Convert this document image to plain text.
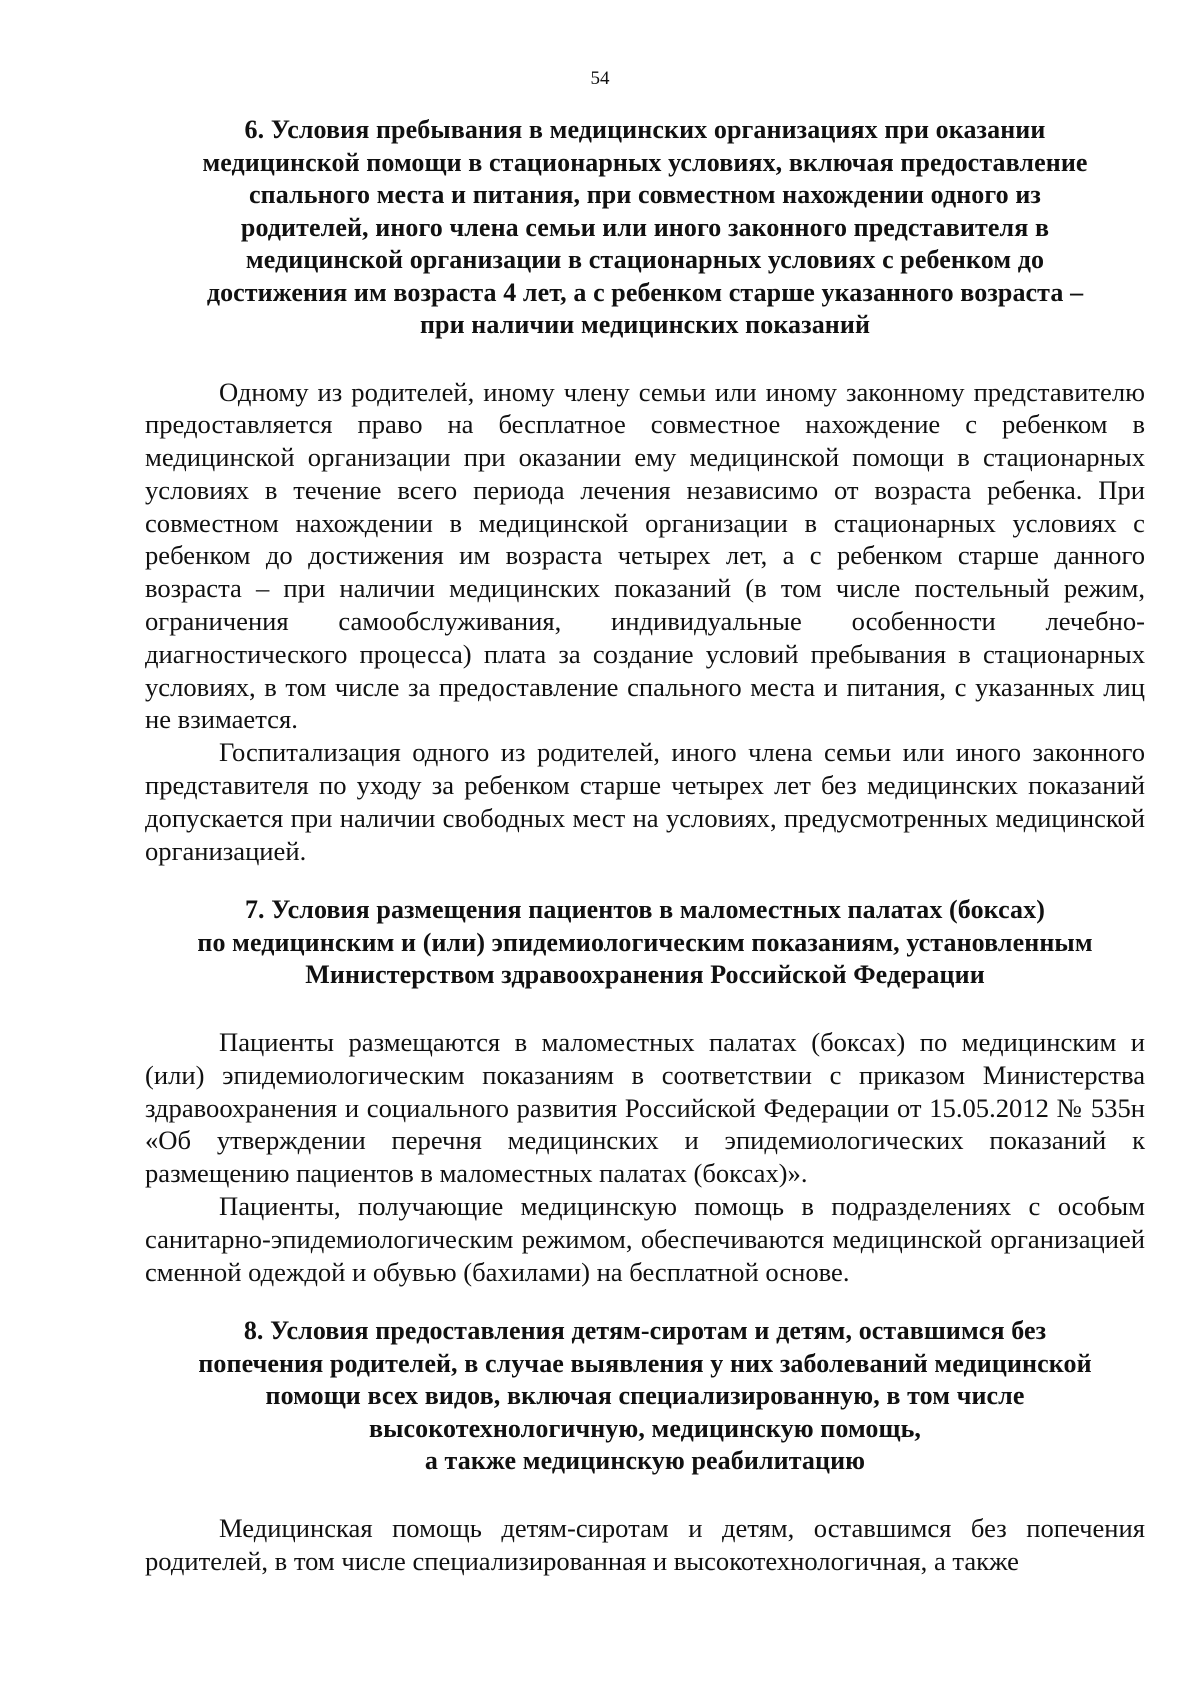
54
6. Условия пребывания в медицинских организациях при оказании
медицинской помощи в стационарных условиях, включая предоставление
спального места и питания, при совместном нахождении одного из
родителей, иного члена семьи или иного законного представителя в
медицинской организации в стационарных условиях с ребенком до
достижения им возраста 4 лет, а с ребенком старше указанного возраста –
при наличии медицинских показаний

Одному из родителей, иному члену семьи или иному законному представителю предоставляется право на бесплатное совместное нахождение с ребенком в медицинской организации при оказании ему медицинской помощи в стационарных условиях в течение всего периода лечения независимо от возраста ребенка. При совместном нахождении в медицинской организации в стационарных условиях с ребенком до достижения им возраста четырех лет, а с ребенком старше данного возраста – при наличии медицинских показаний (в том числе постельный режим, ограничения самообслуживания, индивидуальные особенности лечебно-диагностического процесса) плата за создание условий пребывания в стационарных условиях, в том числе за предоставление спального места и питания, с указанных лиц не взимается.

Госпитализация одного из родителей, иного члена семьи или иного законного представителя по уходу за ребенком старше четырех лет без медицинских показаний допускается при наличии свободных мест на условиях, предусмотренных медицинской организацией.

7. Условия размещения пациентов в маломестных палатах (боксах)
по медицинским и (или) эпидемиологическим показаниям, установленным
Министерством здравоохранения Российской Федерации

Пациенты размещаются в маломестных палатах (боксах) по медицинским и (или) эпидемиологическим показаниям в соответствии с приказом Министерства здравоохранения и социального развития Российской Федерации от 15.05.2012 № 535н «Об утверждении перечня медицинских и эпидемиологических показаний к размещению пациентов в маломестных палатах (боксах)».

Пациенты, получающие медицинскую помощь в подразделениях с особым санитарно-эпидемиологическим режимом, обеспечиваются медицинской организацией сменной одеждой и обувью (бахилами) на бесплатной основе.

8. Условия предоставления детям-сиротам и детям, оставшимся без
попечения родителей, в случае выявления у них заболеваний медицинской
помощи всех видов, включая специализированную, в том числе
высокотехнологичную, медицинскую помощь,
а также медицинскую реабилитацию

Медицинская помощь детям-сиротам и детям, оставшимся без попечения родителей, в том числе специализированная и высокотехнологичная, а также
